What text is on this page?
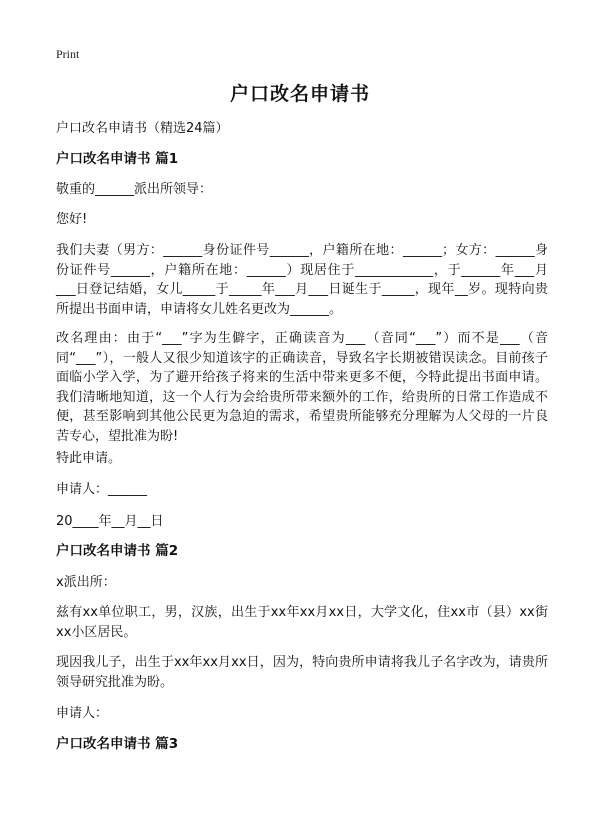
Print
户口改名申请书
户口改名申请书（精选24篇）
户口改名申请书 篇1
敬重的______派出所领导：
您好!
我们夫妻（男方：______身份证件号______，户籍所在地：______；女方：______身份证件号______，户籍所在地：______）现居住于____________，于______年___月___日登记结婚，女儿_____于_____年___月___日诞生于_____，现年__岁。现特向贵所提出书面申请，申请将女儿姓名更改为______。
改名理由：由于“___”字为生僻字，正确读音为___（音同“___”）而不是___（音同“___”），一般人又很少知道该字的正确读音，导致名字长期被错误读念。目前孩子面临小学入学，为了避开给孩子将来的生活中带来更多不便，今特此提出书面申请。我们清晰地知道，这一个人行为会给贵所带来额外的工作，给贵所的日常工作造成不便，甚至影响到其他公民更为急迫的需求，希望贵所能够充分理解为人父母的一片良苦专心，望批准为盼!
特此申请。
申请人：______
20____年__月__日
户口改名申请书 篇2
x派出所：
兹有xx单位职工，男，汉族，出生于xx年xx月xx日，大学文化，住xx市（县）xx街xx小区居民。
现因我儿子，出生于xx年xx月xx日，因为，特向贵所申请将我儿子名字改为，请贵所领导研究批准为盼。
申请人：
户口改名申请书 篇3
